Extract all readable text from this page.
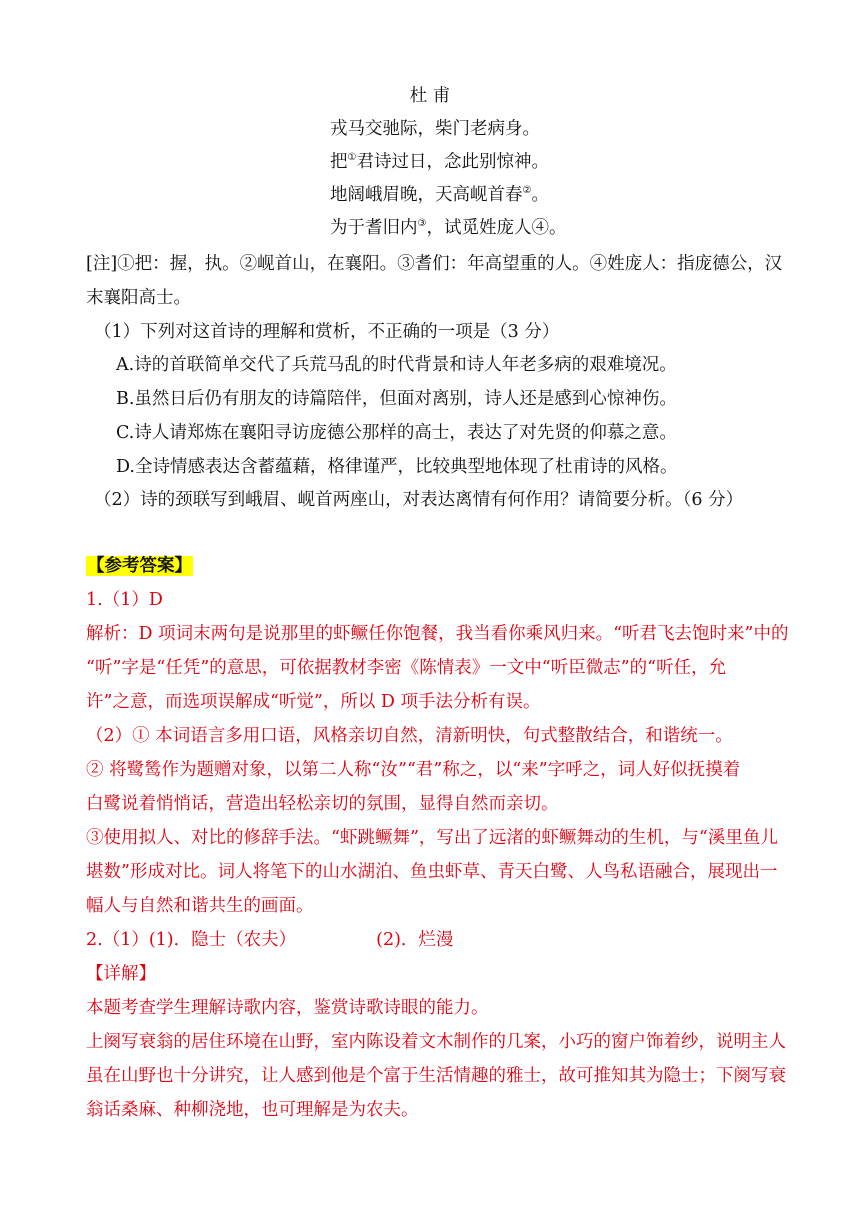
杜 甫
戎马交驰际，柴门老病身。
把①君诗过日，念此别惊神。
地阔峨眉晚，天高岘首春②。
为于耆旧内③，试觅姓庞人④。
[注]①把：握，执。②岘首山，在襄阳。③耆们：年高望重的人。④姓庞人：指庞德公，汉
末襄阳高士。
（1）下列对这首诗的理解和赏析，不正确的一项是（3 分）
A.诗的首联简单交代了兵荒马乱的时代背景和诗人年老多病的艰难境况。
B.虽然日后仍有朋友的诗篇陪伴，但面对离别，诗人还是感到心惊神伤。
C.诗人请郑炼在襄阳寻访庞德公那样的高士，表达了对先贤的仰慕之意。
D.全诗情感表达含蓄蕴藉，格律谨严，比较典型地体现了杜甫诗的风格。
（2）诗的颈联写到峨眉、岘首两座山，对表达离情有何作用？请简要分析。（6 分）
【参考答案】
1.（1）D
解析：D 项词末两句是说那里的虾鳜任你饱餐，我当看你乘风归来。“听君飞去饱时来”中的
“听”字是“任凭”的意思，可依据教材李密《陈情表》一文中“听臣微志”的“听任，允
许”之意，而选项误解成“听觉”，所以 D 项手法分析有误。
（2）① 本词语言多用口语，风格亲切自然，清新明快，句式整散结合，和谐统一。
② 将鹭鸶作为题赠对象，以第二人称“汝”“君”称之，以“来”字呼之，词人好似抚摸着
白鹭说着悄悄话，营造出轻松亲切的氛围，显得自然而亲切。
③使用拟人、对比的修辞手法。“虾跳鳜舞”，写出了远渚的虾鳜舞动的生机，与“溪里鱼儿
堪数”形成对比。词人将笔下的山水湖泊、鱼虫虾草、青天白鹭、人鸟私语融合，展现出一
幅人与自然和谐共生的画面。
2.（1）(1)．隐士（农夫）	(2)．烂漫
【详解】
本题考查学生理解诗歌内容，鉴赏诗歌诗眼的能力。
上阕写衰翁的居住环境在山野，室内陈设着文木制作的几案，小巧的窗户饰着纱，说明主人
虽在山野也十分讲究，让人感到他是个富于生活情趣的雅士，故可推知其为隐士；下阕写衰
翁话桑麻、种柳浇地，也可理解是为农夫。
